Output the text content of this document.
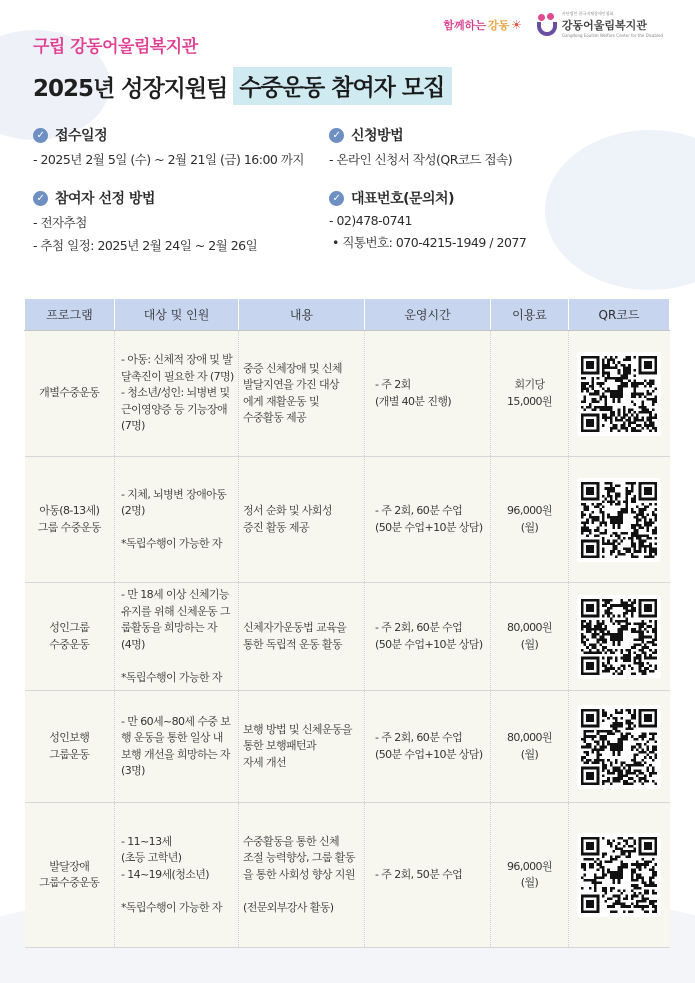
함께하는 강동 ☀
사단법인 한국지체장애인협회
강동어울림복지관
Gangdong Eoullim Welfare Center for the Disabled
구립 강동어울림복지관
2025년 성장지원팀 수중운동 참여자 모집
✓ 접수일정
- 2025년 2월 5일 (수) ~ 2월 21일 (금) 16:00 까지
✓ 참여자 선정 방법
- 전자추첨
- 추첨 일정: 2025년 2월 24일 ~ 2월 26일
✓ 신청방법
- 온라인 신청서 작성(QR코드 접속)
✓ 대표번호(문의처)
- 02)478-0741
• 직통번호: 070-4215-1949 / 2077
프로그램	대상 및 인원	내용	운영시간	이용료	QR코드
개별수중운동	- 아동: 신체적 장애 및 발
달촉진이 필요한 자 (7명)
- 청소년/성인: 뇌병변 및
근이영양증 등 기능장애
(7명)	중증 신체장애 및 신체
발달지연을 가진 대상
에게 재활운동 및
수중활동 제공	- 주 2회
(개별 40분 진행)	회기당
15,000원	

아동(8-13세)
그룹 수중운동	- 지체, 뇌병변 장애아동
(2명)

*독립수행이 가능한 자	정서 순화 및 사회성
증진 활동 제공	- 주 2회, 60분 수업
(50분 수업+10분 상담)	96,000원
(월)	

성인그룹
수중운동	- 만 18세 이상 신체기능
유지를 위해 신체운동 그
룹활동을 희망하는 자
(4명)

*독립수행이 가능한 자	신체자가운동법 교육을
통한 독립적 운동 활동	- 주 2회, 60분 수업
(50분 수업+10분 상담)	80,000원
(월)	

성인보행
그룹운동	- 만 60세~80세 수중 보
행 운동을 통한 일상 내
보행 개선을 희망하는 자
(3명)	보행 방법 및 신체운동을
통한 보행패턴과
자세 개선	- 주 2회, 60분 수업
(50분 수업+10분 상담)	80,000원
(월)	

발달장애
그룹수중운동	- 11~13세
(초등 고학년)
- 14~19세(청소년)

*독립수행이 가능한 자	수중활동을 통한 신체
조절 능력향상, 그룹 활동
을 통한 사회성 향상 지원

(전문외부강사 활동)	- 주 2회, 50분 수업	96,000원
(월)	
